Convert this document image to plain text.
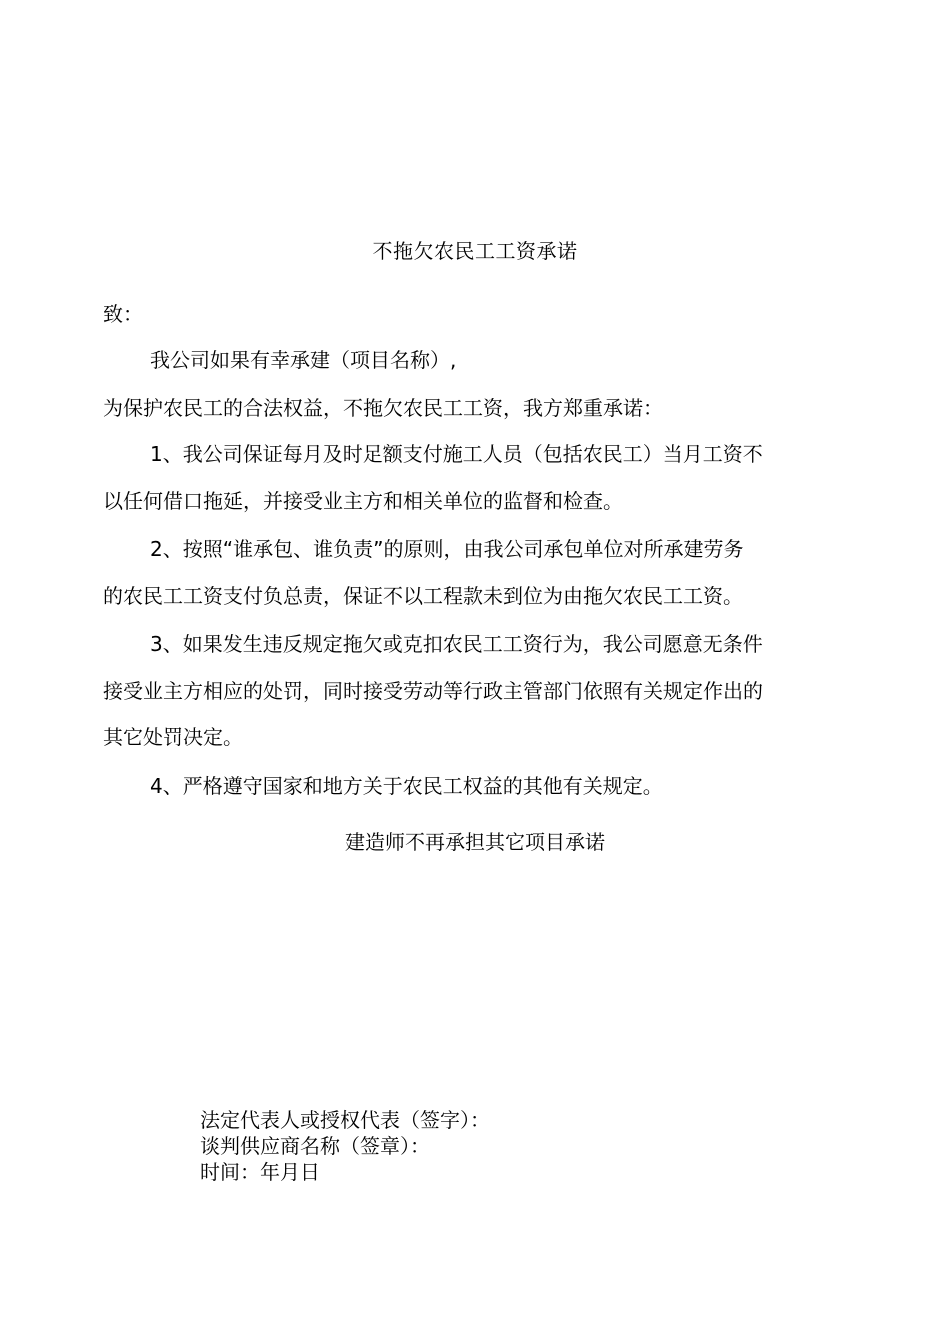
不拖欠农民工工资承诺
致：
我公司如果有幸承建（项目名称）,
为保护农民工的合法权益，不拖欠农民工工资，我方郑重承诺：
1、我公司保证每月及时足额支付施工人员（包括农民工）当月工资不
以任何借口拖延，并接受业主方和相关单位的监督和检查。
2、按照“谁承包、谁负责”的原则，由我公司承包单位对所承建劳务
的农民工工资支付负总责，保证不以工程款未到位为由拖欠农民工工资。
3、如果发生违反规定拖欠或克扣农民工工资行为，我公司愿意无条件
接受业主方相应的处罚，同时接受劳动等行政主管部门依照有关规定作出的
其它处罚决定。
4、严格遵守国家和地方关于农民工权益的其他有关规定。
建造师不再承担其它项目承诺
法定代表人或授权代表（签字）：
谈判供应商名称（签章）：
时间：年月日
